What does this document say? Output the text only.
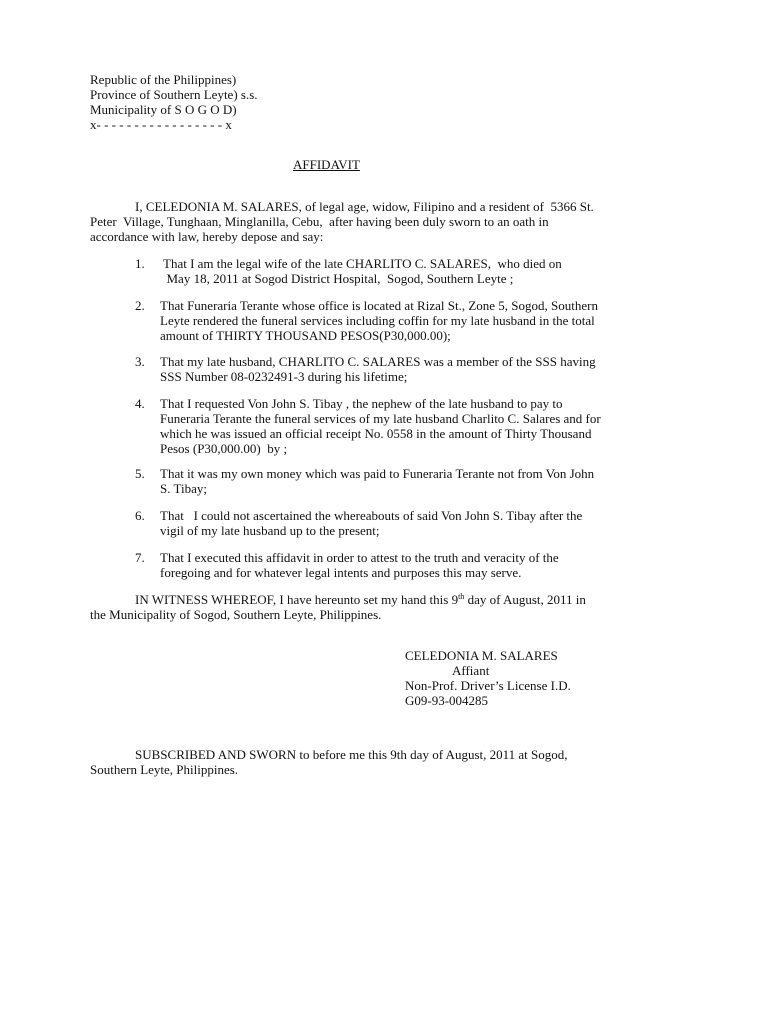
Republic of the Philippines)
Province of Southern Leyte) s.s.
Municipality of S O G O D)
x- - - - - - - - - - - - - - - - - x
AFFIDAVIT
I, CELEDONIA M. SALARES, of legal age, widow, Filipino and a resident of  5366 St.
Peter  Village, Tunghaan, Minglanilla, Cebu,  after having been duly sworn to an oath in
accordance with law, hereby depose and say:
1. That I am the legal wife of the late CHARLITO C. SALARES,  who died on
May 18, 2011 at Sogod District Hospital,  Sogod, Southern Leyte ;
2. That Funeraria Terante whose office is located at Rizal St., Zone 5, Sogod, Southern
Leyte rendered the funeral services including coffin for my late husband in the total
amount of THIRTY THOUSAND PESOS(P30,000.00);
3. That my late husband, CHARLITO C. SALARES was a member of the SSS having
SSS Number 08-0232491-3 during his lifetime;
4. That I requested Von John S. Tibay , the nephew of the late husband to pay to
Funeraria Terante the funeral services of my late husband Charlito C. Salares and for
which he was issued an official receipt No. 0558 in the amount of Thirty Thousand
Pesos (P30,000.00)  by ;
5. That it was my own money which was paid to Funeraria Terante not from Von John
S. Tibay;
6. That   I could not ascertained the whereabouts of said Von John S. Tibay after the
vigil of my late husband up to the present;
7. That I executed this affidavit in order to attest to the truth and veracity of the
foregoing and for whatever legal intents and purposes this may serve.
IN WITNESS WHEREOF, I have hereunto set my hand this 9th day of August, 2011 in
the Municipality of Sogod, Southern Leyte, Philippines.
CELEDONIA M. SALARES
Affiant
Non-Prof. Driver’s License I.D.
G09-93-004285
SUBSCRIBED AND SWORN to before me this 9th day of August, 2011 at Sogod,
Southern Leyte, Philippines.
